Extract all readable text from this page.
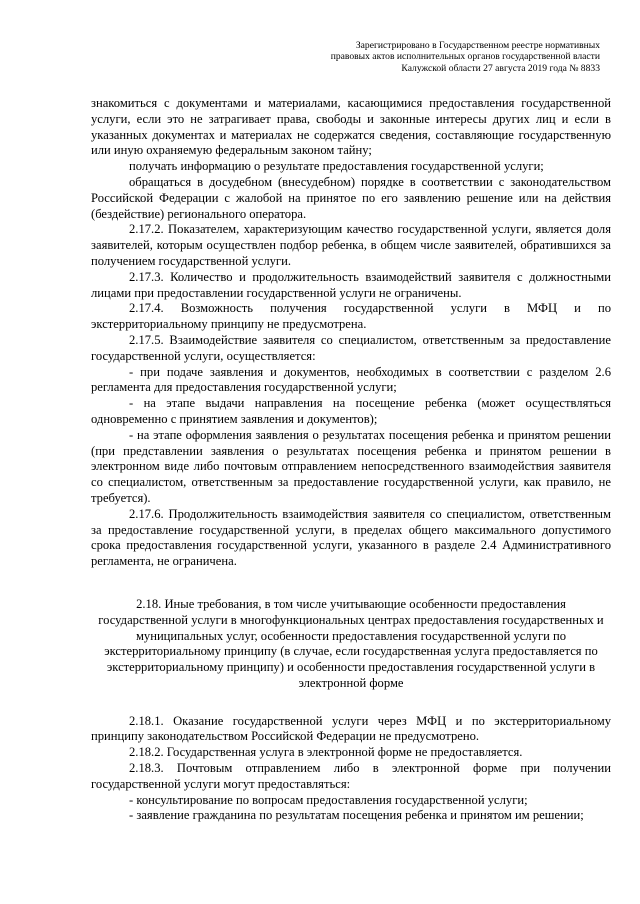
Зарегистрировано в Государственном реестре нормативных
правовых актов исполнительных органов государственной власти
Калужской области 27 августа 2019 года № 8833

знакомиться с документами и материалами, касающимися предоставления государственной услуги, если это не затрагивает права, свободы и законные интересы других лиц и если в указанных документах и материалах не содержатся сведения, составляющие государственную или иную охраняемую федеральным законом тайну;

получать информацию о результате предоставления государственной услуги;

обращаться в досудебном (внесудебном) порядке в соответствии с законодательством Российской Федерации с жалобой на принятое по его заявлению решение или на действия (бездействие) регионального оператора.

2.17.2. Показателем, характеризующим качество государственной услуги, является доля заявителей, которым осуществлен подбор ребенка, в общем числе заявителей, обратившихся за получением государственной услуги.

2.17.3. Количество и продолжительность взаимодействий заявителя с должностными лицами при предоставлении государственной услуги не ограничены.

2.17.4. Возможность получения государственной услуги в МФЦ и по экстерриториальному принципу не предусмотрена.

2.17.5. Взаимодействие заявителя со специалистом, ответственным за предоставление государственной услуги, осуществляется:

- при подаче заявления и документов, необходимых в соответствии с разделом 2.6 регламента для предоставления государственной услуги;

- на этапе выдачи направления на посещение ребенка (может осуществляться одновременно с принятием заявления и документов);

- на этапе оформления заявления о результатах посещения ребенка и принятом решении (при представлении заявления о результатах посещения ребенка и принятом решении в электронном виде либо почтовым отправлением непосредственного взаимодействия заявителя со специалистом, ответственным за предоставление государственной услуги, как правило, не требуется).

2.17.6. Продолжительность взаимодействия заявителя со специалистом, ответственным за предоставление государственной услуги, в пределах общего максимального допустимого срока предоставления государственной услуги, указанного в разделе 2.4 Административного регламента, не ограничена.

2.18. Иные требования, в том числе учитывающие особенности предоставления государственной услуги в многофункциональных центрах предоставления государственных и муниципальных услуг, особенности предоставления государственной услуги по экстерриториальному принципу (в случае, если государственная услуга предоставляется по экстерриториальному принципу) и особенности предоставления государственной услуги в электронной форме

2.18.1. Оказание государственной услуги через МФЦ и по экстерриториальному принципу законодательством Российской Федерации не предусмотрено.

2.18.2. Государственная услуга в электронной форме не предоставляется.

2.18.3. Почтовым отправлением либо в электронной форме при получении государственной услуги могут предоставляться:

- консультирование по вопросам предоставления государственной услуги;

- заявление гражданина по результатам посещения ребенка и принятом им решении;
